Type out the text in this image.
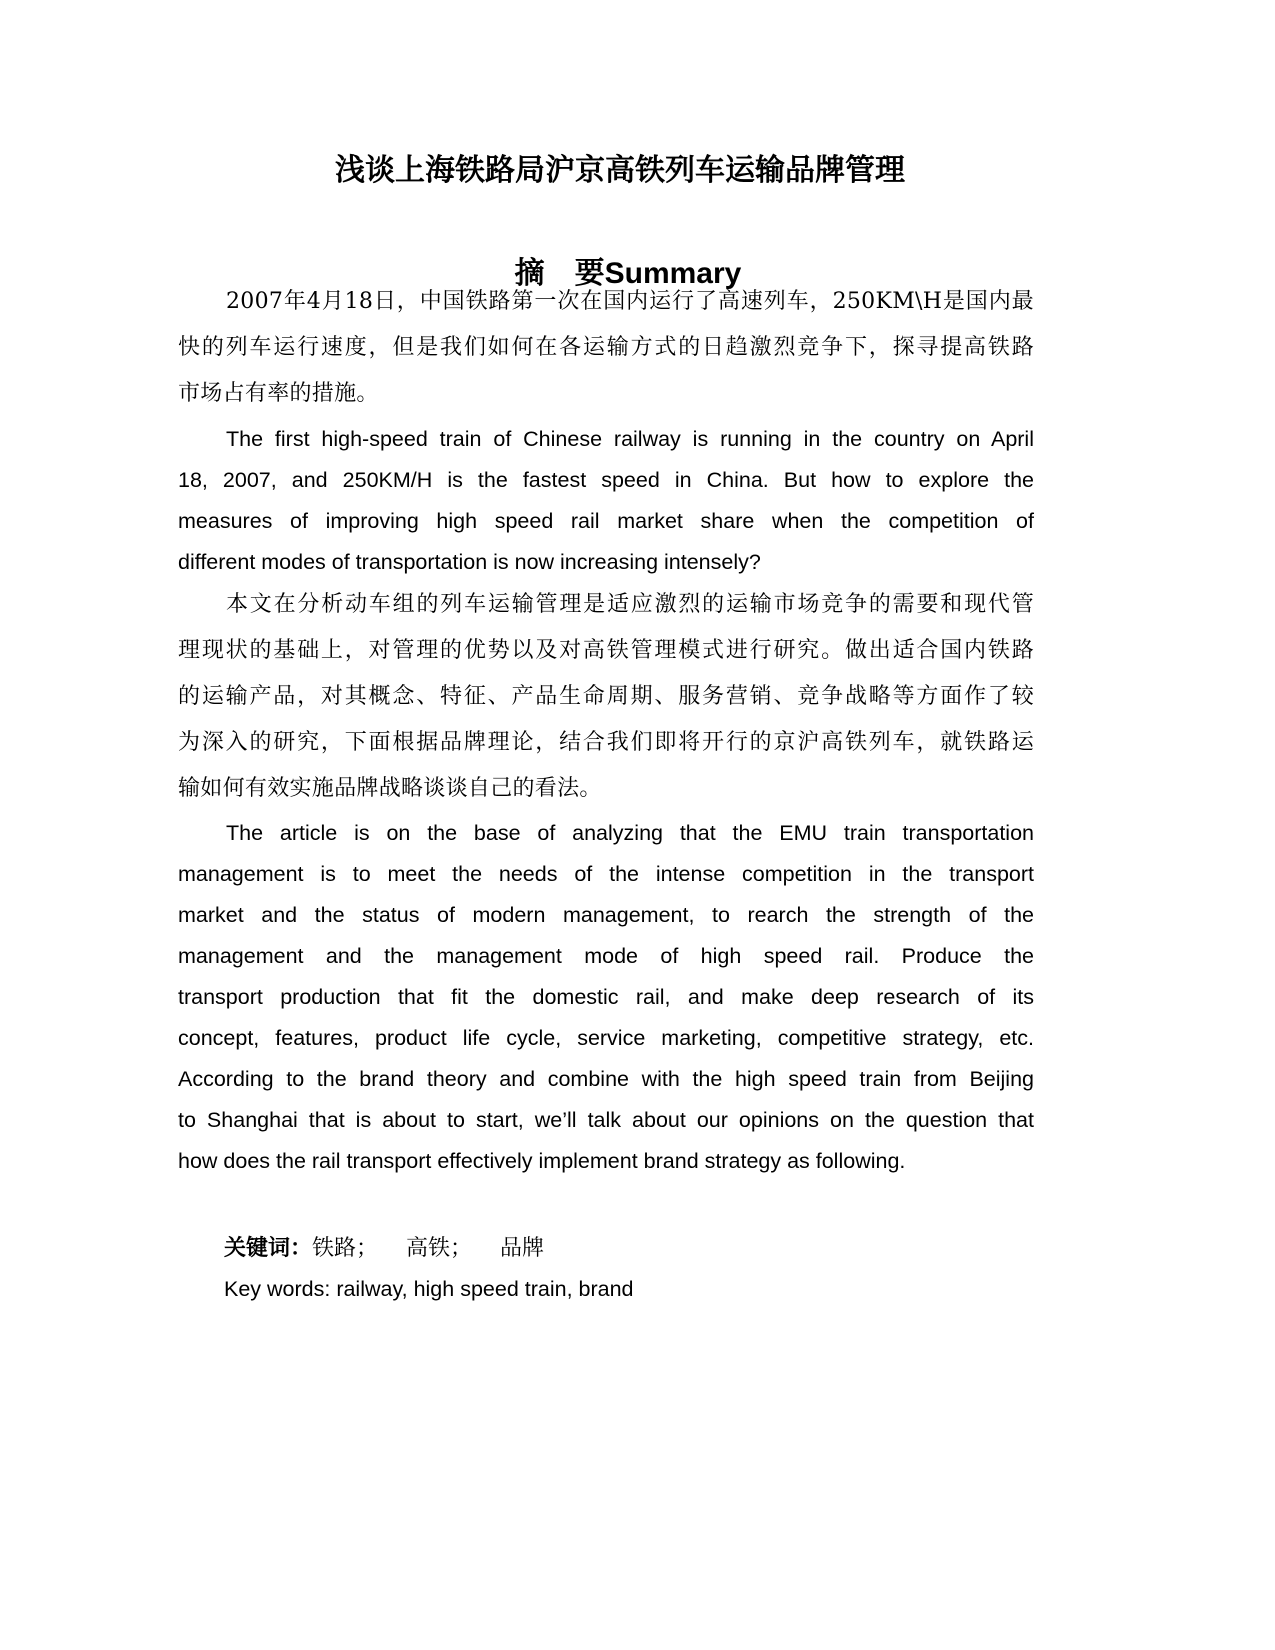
浅谈上海铁路局沪京高铁列车运输品牌管理
摘　要Summary
2007年4月18日，中国铁路第一次在国内运行了高速列车，250KM\H是国内最
快的列车运行速度，但是我们如何在各运输方式的日趋激烈竞争下，探寻提高铁路
市场占有率的措施。
The first high-speed train of Chinese railway is running in the country on April
18, 2007, and 250KM/H is the fastest speed in China. But how to explore the
measures of improving high speed rail market share when the competition of
different modes of transportation is now increasing intensely?
本文在分析动车组的列车运输管理是适应激烈的运输市场竞争的需要和现代管
理现状的基础上，对管理的优势以及对高铁管理模式进行研究。做出适合国内铁路
的运输产品，对其概念、特征、产品生命周期、服务营销、竞争战略等方面作了较
为深入的研究，下面根据品牌理论，结合我们即将开行的京沪高铁列车，就铁路运
输如何有效实施品牌战略谈谈自己的看法。
The article is on the base of analyzing that the EMU train transportation
management is to meet the needs of the intense competition in the transport
market and the status of modern management, to rearch the strength of the
management and the management mode of high speed rail. Produce the
transport production that fit the domestic rail, and make deep research of its
concept, features, product life cycle, service marketing, competitive strategy, etc.
According to the brand theory and combine with the high speed train from Beijing
to Shanghai that is about to start, we’ll talk about our opinions on the question that
how does the rail transport effectively implement brand strategy as following.
关键词：铁路； 高铁； 品牌
Key words: railway, high speed train, brand
